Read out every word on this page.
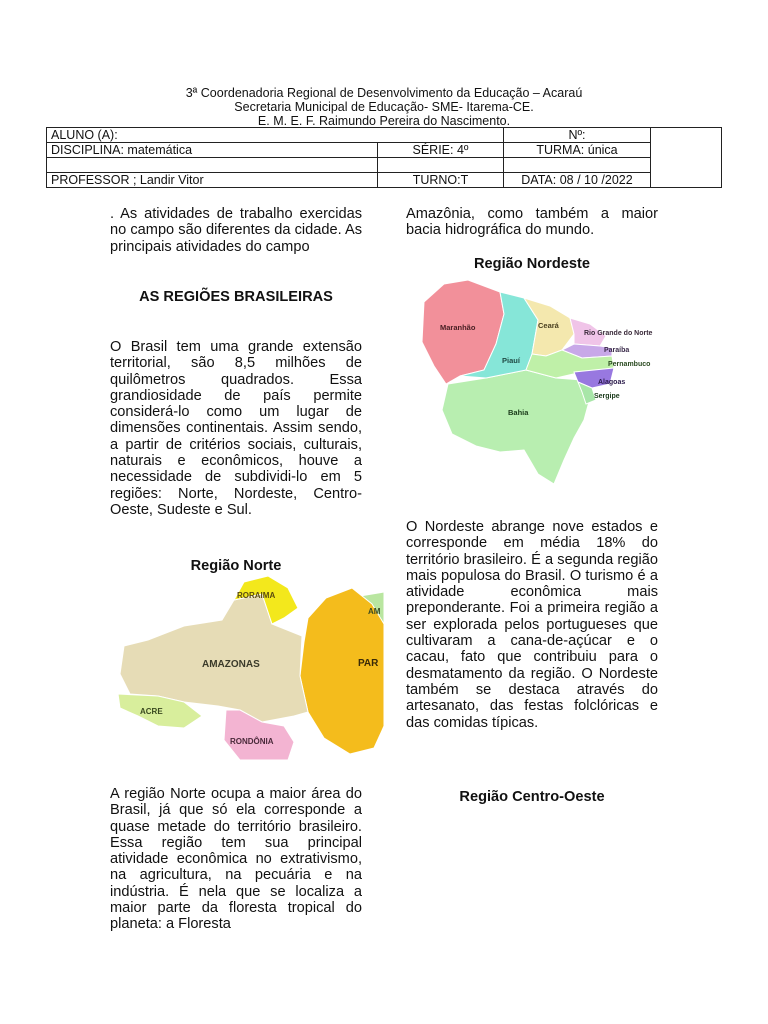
3ª Coordenadoria Regional de Desenvolvimento da Educação – Acaraú
Secretaria Municipal de Educação- SME- Itarema-CE.
E. M. E. F. Raimundo Pereira do Nascimento.
ALUNO (A):		Nº:	
DISCIPLINA: matemática	SÉRIE: 4º	TURMA: única	

PROFESSOR ; Landir Vitor	TURNO:T	DATA: 08 / 10 /2022	
. As atividades de trabalho exercidas no campo são diferentes da cidade. As principais atividades do campo
AS REGIÕES BRASILEIRAS
O Brasil tem uma grande extensão territorial, são 8,5 milhões de quilômetros quadrados. Essa grandiosidade de país permite considerá-lo como um lugar de dimensões continentais. Assim sendo, a partir de critérios sociais, culturais, naturais e econômicos, houve a necessidade de subdividi-lo em 5 regiões: Norte, Nordeste, Centro-Oeste, Sudeste e Sul.
Região Norte
RORAIMA
AM
AMAZONAS	PAR
ACRE
RONDÔNIA
A região Norte ocupa a maior área do Brasil, já que só ela corresponde a quase metade do território brasileiro. Essa região tem sua principal atividade econômica no extrativismo, na agricultura, na pecuária e na indústria. É nela que se localiza a maior parte da floresta tropical do planeta: a Floresta
Amazônia, como também a maior bacia hidrográfica do mundo.
Região Nordeste
Maranhão	Ceará
Rio Grande do Norte
Paraíba
Pernambuco
Piauí
Alagoas
Sergipe
Bahia
O Nordeste abrange nove estados e corresponde em média 18% do território brasileiro. É a segunda região mais populosa do Brasil. O turismo é a atividade econômica mais preponderante. Foi a primeira região a ser explorada pelos portugueses que cultivaram a cana-de-açúcar e o cacau, fato que contribuiu para o desmatamento da região. O Nordeste também se destaca através do artesanato, das festas folclóricas e das comidas típicas.
Região Centro-Oeste
